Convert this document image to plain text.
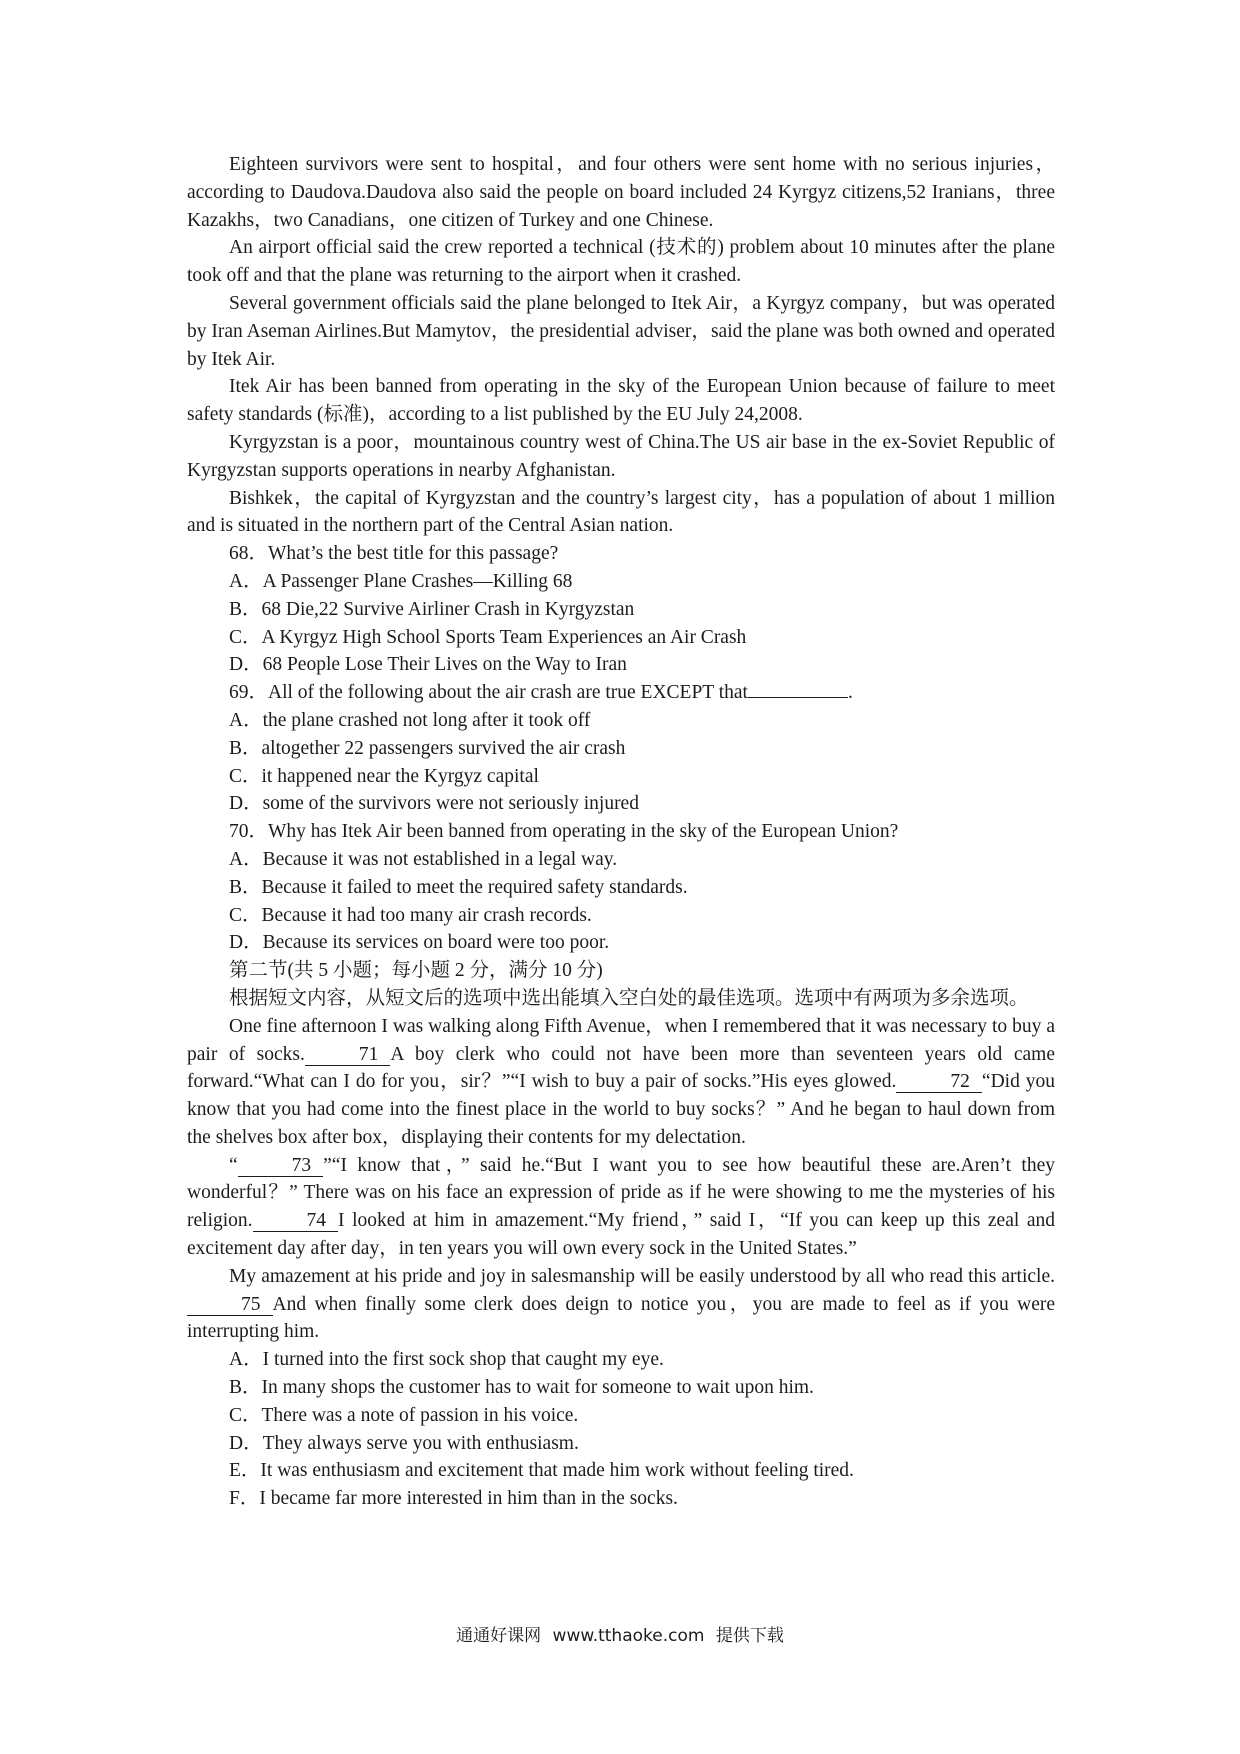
Eighteen survivors were sent to hospital，and four others were sent home with no serious injuries，according to Daudova.Daudova also said the people on board included 24 Kyrgyz citizens,52 Iranians，three Kazakhs，two Canadians，one citizen of Turkey and one Chinese.

An airport official said the crew reported a technical (技术的) problem about 10 minutes after the plane took off and that the plane was returning to the airport when it crashed.

Several government officials said the plane belonged to Itek Air，a Kyrgyz company，but was operated by Iran Aseman Airlines.But Mamytov，the presidential adviser，said the plane was both owned and operated by Itek Air.

Itek Air has been banned from operating in the sky of the European Union because of failure to meet safety standards (标准)，according to a list published by the EU July 24,2008.

Kyrgyzstan is a poor，mountainous country west of China.The US air base in the ex-Soviet Republic of Kyrgyzstan supports operations in nearby Afghanistan.

Bishkek，the capital of Kyrgyzstan and the country’s largest city，has a population of about 1 million and is situated in the northern part of the Central Asian nation.

68．What’s the best title for this passage?

A．A Passenger Plane Crashes—Killing 68

B．68 Die,22 Survive Airliner Crash in Kyrgyzstan

C．A Kyrgyz High School Sports Team Experiences an Air Crash

D．68 People Lose Their Lives on the Way to Iran

69．All of the following about the air crash are true EXCEPT that	.

A．the plane crashed not long after it took off

B．altogether 22 passengers survived the air crash

C．it happened near the Kyrgyz capital

D．some of the survivors were not seriously injured

70．Why has Itek Air been banned from operating in the sky of the European Union?

A．Because it was not established in a legal way.

B．Because it failed to meet the required safety standards.

C．Because it had too many air crash records.

D．Because its services on board were too poor.

第二节(共 5 小题；每小题 2 分，满分 10 分)

根据短文内容，从短文后的选项中选出能填入空白处的最佳选项。选项中有两项为多余选项。

One fine afternoon I was walking along Fifth Avenue，when I remembered that it was necessary to buy a pair of socks.	71 A boy clerk who could not have been more than seventeen years old came forward.“What can I do for you，sir？”“I wish to buy a pair of socks.”His eyes glowed.	72 “Did you know that you had come into the finest place in the world to buy socks？” And he began to haul down from the shelves box after box，displaying their contents for my delectation.

“	73 ”“I know that，” said he.“But I want you to see how beautiful these are.Aren’t they wonderful？” There was on his face an expression of pride as if he were showing to me the mysteries of his religion.	74 I looked at him in amazement.“My friend，” said I，“If you can keep up this zeal and excitement day after day，in ten years you will own every sock in the United States.”

My amazement at his pride and joy in salesmanship will be easily understood by all who read this article.75 And when finally some clerk does deign to notice you，you are made to feel as if you were interrupting him.

A．I turned into the first sock shop that caught my eye.

B．In many shops the customer has to wait for someone to wait upon him.

C．There was a note of passion in his voice.

D．They always serve you with enthusiasm.

E．It was enthusiasm and excitement that made him work without feeling tired.

F．I became far more interested in him than in the socks.

通通好课网 www.tthaoke.com 提供下载
